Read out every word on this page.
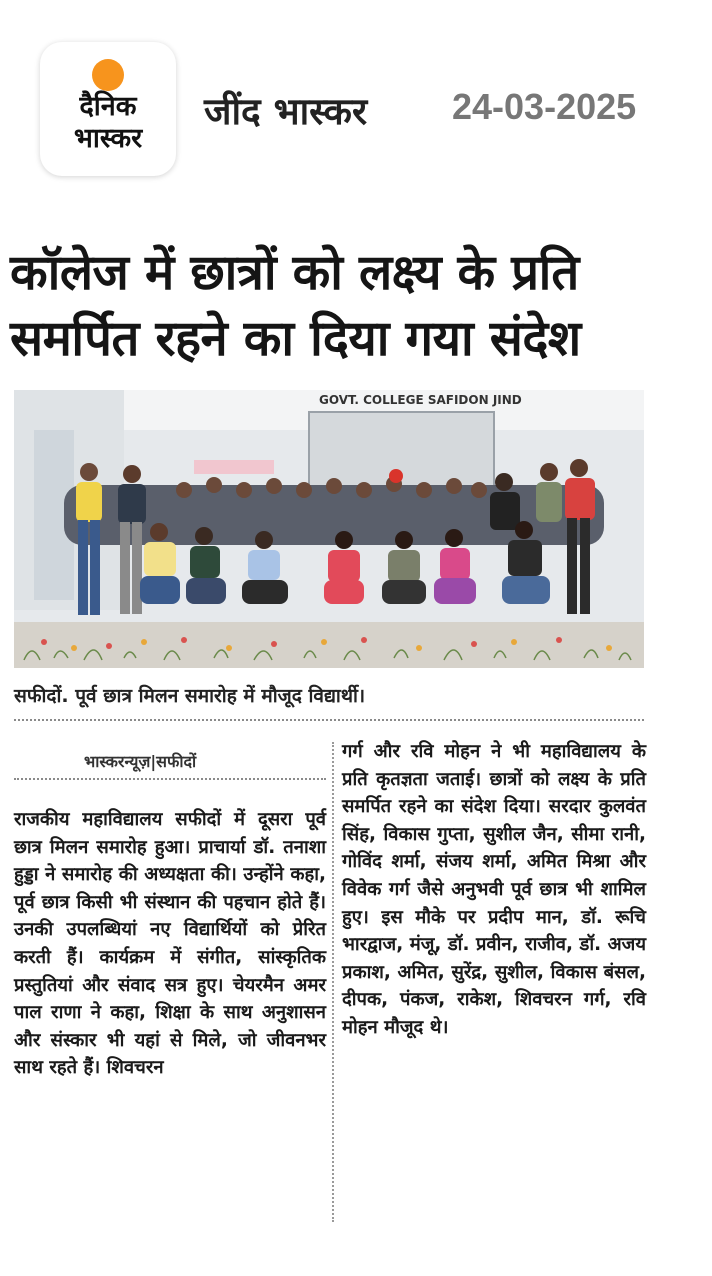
दैनिक
भास्कर
जींद भास्कर 24-03-2025
कॉलेज में छात्रों को लक्ष्य के प्रति समर्पित रहने का दिया गया संदेश
GOVT. COLLEGE SAFIDON JIND
सफीदों. पूर्व छात्र मिलन समारोह में मौजूद विद्यार्थी।
भास्करन्यूज़|सफीदों

राजकीय महाविद्यालय सफीदों में दूसरा पूर्व छात्र मिलन समारोह हुआ। प्राचार्या डॉ. तनाशा हुड्डा ने समारोह की अध्यक्षता की। उन्होंने कहा, पूर्व छात्र किसी भी संस्थान की पहचान होते हैं। उनकी उपलब्धियां नए विद्यार्थियों को प्रेरित करती हैं। कार्यक्रम में संगीत, सांस्कृतिक प्रस्तुतियां और संवाद सत्र हुए। चेयरमैन अमर पाल राणा ने कहा, शिक्षा के साथ अनुशासन और संस्कार भी यहां से मिले, जो जीवनभर साथ रहते हैं। शिवचरन

गर्ग और रवि मोहन ने भी महाविद्यालय के प्रति कृतज्ञता जताई। छात्रों को लक्ष्य के प्रति समर्पित रहने का संदेश दिया। सरदार कुलवंत सिंह, विकास गुप्ता, सुशील जैन, सीमा रानी, गोविंद शर्मा, संजय शर्मा, अमित मिश्रा और विवेक गर्ग जैसे अनुभवी पूर्व छात्र भी शामिल हुए। इस मौके पर प्रदीप मान, डॉ. रूचि भारद्वाज, मंजू, डॉ. प्रवीन, राजीव, डॉ. अजय प्रकाश, अमित, सुरेंद्र, सुशील, विकास बंसल, दीपक, पंकज, राकेश, शिवचरन गर्ग, रवि मोहन मौजूद थे।
